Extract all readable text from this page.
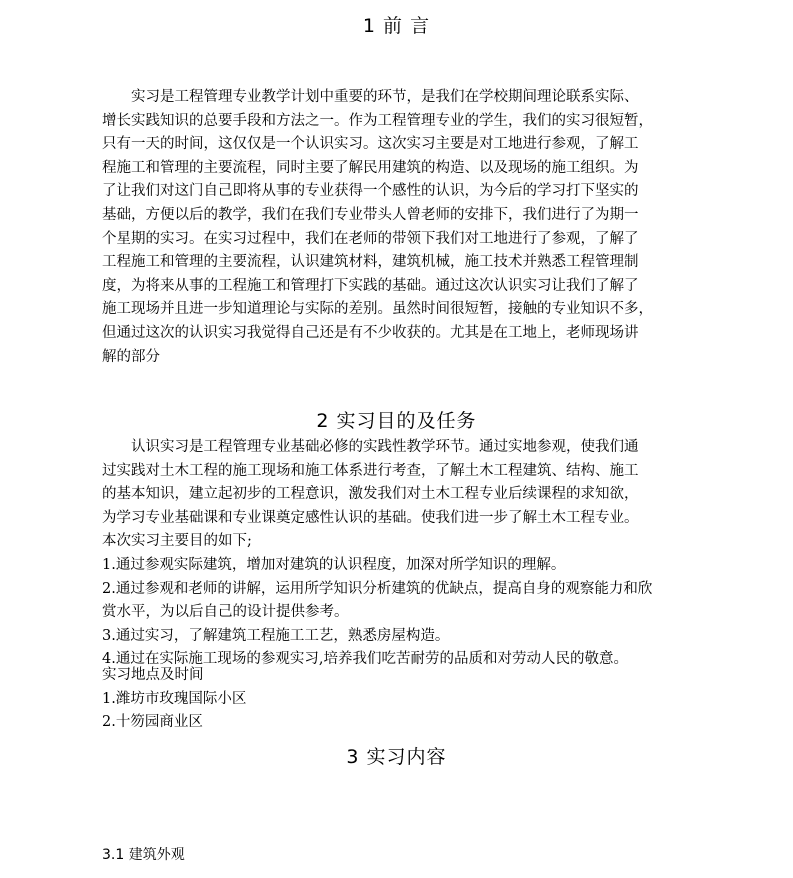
1 前 言
实习是工程管理专业教学计划中重要的环节，是我们在学校期间理论联系实际、
增长实践知识的总要手段和方法之一。作为工程管理专业的学生，我们的实习很短暂，
只有一天的时间，这仅仅是一个认识实习。这次实习主要是对工地进行参观，了解工
程施工和管理的主要流程，同时主要了解民用建筑的构造、以及现场的施工组织。为
了让我们对这门自己即将从事的专业获得一个感性的认识，为今后的学习打下坚实的
基础，方便以后的教学，我们在我们专业带头人曾老师的安排下，我们进行了为期一
个星期的实习。在实习过程中，我们在老师的带领下我们对工地进行了参观，了解了
工程施工和管理的主要流程，认识建筑材料，建筑机械，施工技术并熟悉工程管理制
度，为将来从事的工程施工和管理打下实践的基础。通过这次认识实习让我们了解了
施工现场并且进一步知道理论与实际的差别。虽然时间很短暂，接触的专业知识不多，
但通过这次的认识实习我觉得自己还是有不少收获的。尤其是在工地上，老师现场讲
解的部分
2 实习目的及任务
认识实习是工程管理专业基础必修的实践性教学环节。通过实地参观，使我们通
过实践对土木工程的施工现场和施工体系进行考查，了解土木工程建筑、结构、施工
的基本知识，建立起初步的工程意识，激发我们对土木工程专业后续课程的求知欲，
为学习专业基础课和专业课奠定感性认识的基础。使我们进一步了解土木工程专业。
本次实习主要目的如下;
1.通过参观实际建筑，增加对建筑的认识程度，加深对所学知识的理解。
2.通过参观和老师的讲解，运用所学知识分析建筑的优缺点，提高自身的观察能力和欣
赏水平，为以后自己的设计提供参考。
3.通过实习，了解建筑工程施工工艺，熟悉房屋构造。
4.通过在实际施工现场的参观实习,培养我们吃苦耐劳的品质和对劳动人民的敬意。
实习地点及时间
1.潍坊市玫瑰国际小区
2.十笏园商业区
3 实习内容
3.1 建筑外观
